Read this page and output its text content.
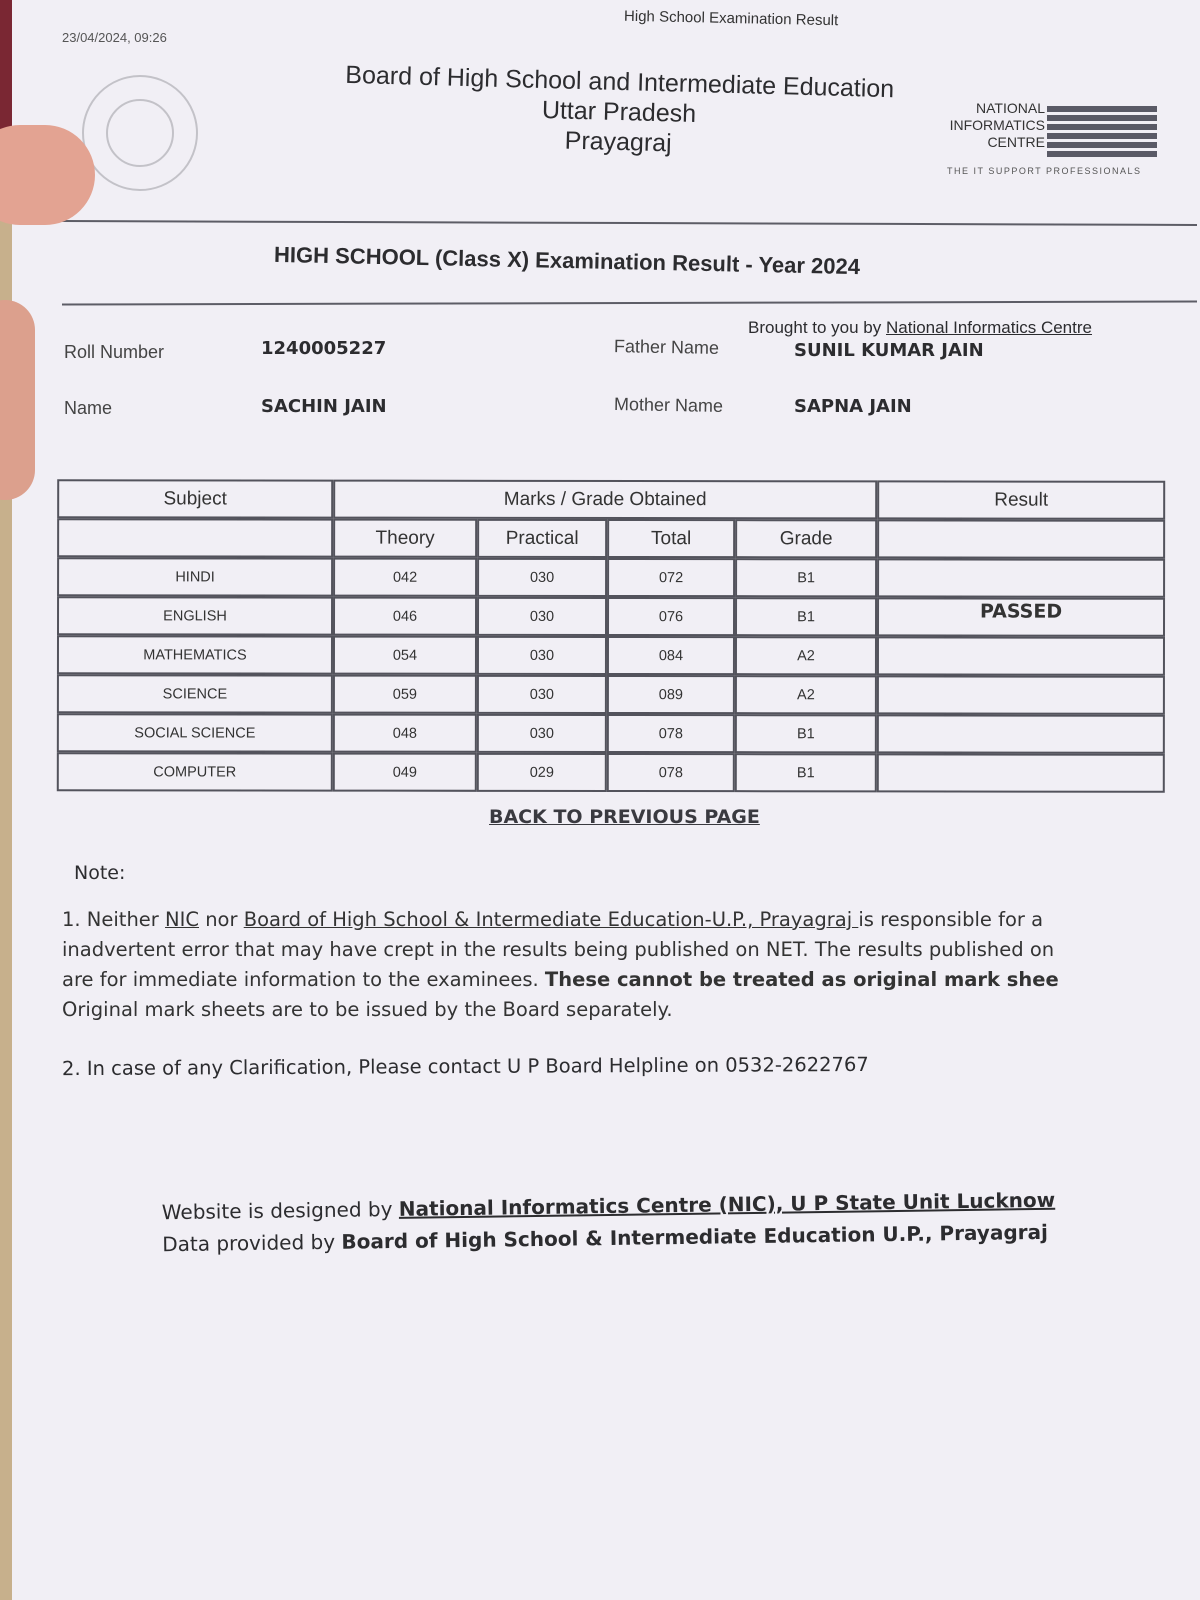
23/04/2024, 09:26
High School Examination Result
Board of High School and Intermediate Education
Uttar Pradesh
Prayagraj
NATIONAL
INFORMATICS
CENTRE
THE IT SUPPORT PROFESSIONALS
HIGH SCHOOL (Class X) Examination Result - Year 2024
Brought to you by National Informatics Centre
Roll Number	1240005227	Father Name	SUNIL KUMAR JAIN
Name	SACHIN JAIN	Mother Name	SAPNA JAIN
Subject	Marks / Grade Obtained				Result
	Theory	Practical	Total	Grade	
HINDI	042	030	072	B1	
ENGLISH	046	030	076	B1	PASSED
MATHEMATICS	054	030	084	A2	
SCIENCE	059	030	089	A2	
SOCIAL SCIENCE	048	030	078	B1	
COMPUTER	049	029	078	B1	
BACK TO PREVIOUS PAGE
Note:

1. Neither NIC nor Board of High School & Intermediate Education-U.P., Prayagraj is responsible for a

inadvertent error that may have crept in the results being published on NET. The results published on

are for immediate information to the examinees. These cannot be treated as original mark shee

Original mark sheets are to be issued by the Board separately.

2. In case of any Clarification, Please contact U P Board Helpline on 0532-2622767
Website is designed by National Informatics Centre (NIC), U P State Unit Lucknow
Data provided by Board of High School & Intermediate Education U.P., Prayagraj
